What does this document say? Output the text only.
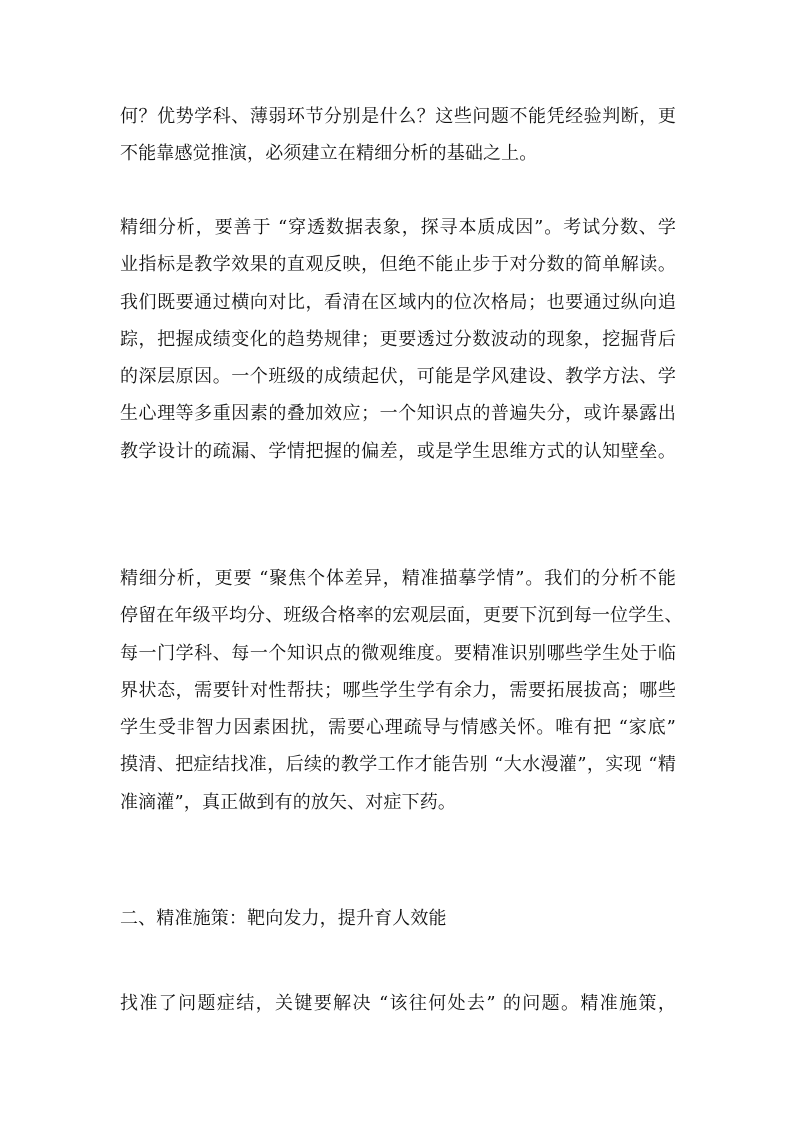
何？优势学科、薄弱环节分别是什么？这些问题不能凭经验判断，更
不能靠感觉推演，必须建立在精细分析的基础之上。

精细分析，要善于 “穿透数据表象，探寻本质成因”。考试分数、学
业指标是教学效果的直观反映，但绝不能止步于对分数的简单解读。
我们既要通过横向对比，看清在区域内的位次格局；也要通过纵向追
踪，把握成绩变化的趋势规律；更要透过分数波动的现象，挖掘背后
的深层原因。一个班级的成绩起伏，可能是学风建设、教学方法、学
生心理等多重因素的叠加效应；一个知识点的普遍失分，或许暴露出
教学设计的疏漏、学情把握的偏差，或是学生思维方式的认知壁垒。

精细分析，更要 “聚焦个体差异，精准描摹学情”。我们的分析不能
停留在年级平均分、班级合格率的宏观层面，更要下沉到每一位学生、
每一门学科、每一个知识点的微观维度。要精准识别哪些学生处于临
界状态，需要针对性帮扶；哪些学生学有余力，需要拓展拔高；哪些
学生受非智力因素困扰，需要心理疏导与情感关怀。唯有把 “家底”
摸清、把症结找准，后续的教学工作才能告别 “大水漫灌”，实现 “精
准滴灌”，真正做到有的放矢、对症下药。

二、精准施策：靶向发力，提升育人效能

找准了问题症结，关键要解决 “该往何处去” 的问题。精准施策，
